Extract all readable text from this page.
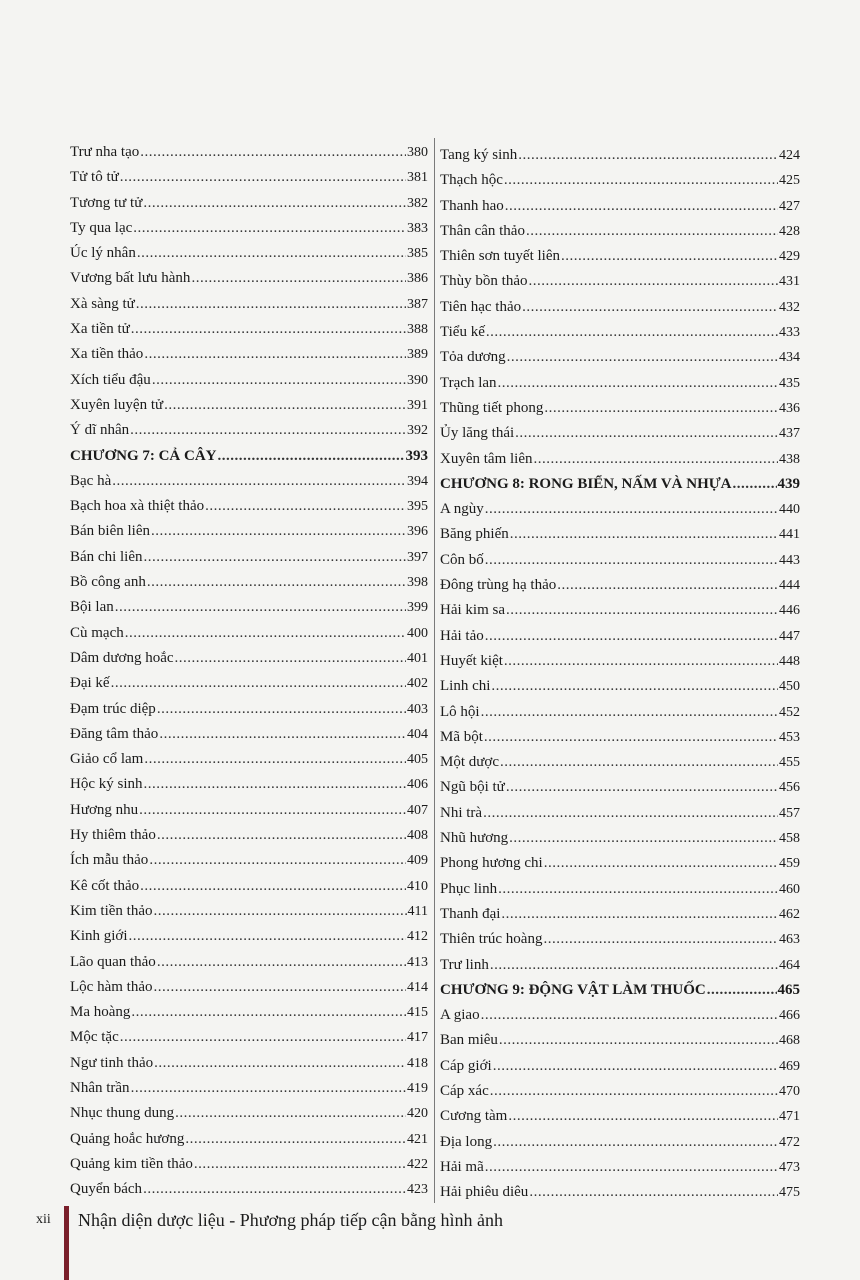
Trư nha tạo .....	380
Tử tô tử .....	381
Tương tư tử .....	382
Ty qua lạc .....	383
Úc lý nhân .....	385
Vương bất lưu hành .....	386
Xà sàng tử .....	387
Xa tiền tử .....	388
Xa tiền thảo .....	389
Xích tiểu đậu .....	390
Xuyên luyện tử .....	391
Ý dĩ nhân .....	392
CHƯƠNG 7: CẢ CÂY .....	393
Bạc hà .....	394
Bạch hoa xà thiệt thảo .....	395
Bán biên liên .....	396
Bán chi liên .....	397
Bồ công anh .....	398
Bội lan .....	399
Cù mạch .....	400
Dâm dương hoắc .....	401
Đại kế .....	402
Đạm trúc diệp .....	403
Đăng tâm thảo .....	404
Giảo cổ lam .....	405
Hộc ký sinh .....	406
Hương nhu .....	407
Hy thiêm thảo .....	408
Ích mẫu thảo .....	409
Kê cốt thảo .....	410
Kim tiền thảo .....	411
Kinh giới .....	412
Lão quan thảo .....	413
Lộc hàm thảo .....	414
Ma hoàng .....	415
Mộc tặc .....	417
Ngư tinh thảo .....	418
Nhân trần .....	419
Nhục thung dung .....	420
Quảng hoắc hương .....	421
Quảng kim tiền thảo .....	422
Quyển bách .....	423
Tang ký sinh .....	424
Thạch hộc .....	425
Thanh hao .....	427
Thân cân thảo .....	428
Thiên sơn tuyết liên .....	429
Thùy bồn thảo .....	431
Tiên hạc thảo .....	432
Tiểu kế .....	433
Tỏa dương .....	434
Trạch lan .....	435
Thũng tiết phong .....	436
Ủy lăng thái .....	437
Xuyên tâm liên .....	438
CHƯƠNG 8: RONG BIỂN, NẤM VÀ NHỰA .....	439
A ngùy .....	440
Băng phiến .....	441
Côn bố .....	443
Đông trùng hạ thảo .....	444
Hải kim sa .....	446
Hải tảo .....	447
Huyết kiệt .....	448
Linh chi .....	450
Lô hội .....	452
Mã bột .....	453
Một dược .....	455
Ngũ bội tử .....	456
Nhi trà .....	457
Nhũ hương .....	458
Phong hương chi .....	459
Phục linh .....	460
Thanh đại .....	462
Thiên trúc hoàng .....	463
Trư linh .....	464
CHƯƠNG 9: ĐỘNG VẬT LÀM THUỐC .....	465
A giao .....	466
Ban miêu .....	468
Cáp giới .....	469
Cáp xác .....	470
Cương tàm .....	471
Địa long .....	472
Hải mã .....	473
Hải phiêu diêu .....	475
xii Nhận diện dược liệu - Phương pháp tiếp cận bằng hình ảnh
